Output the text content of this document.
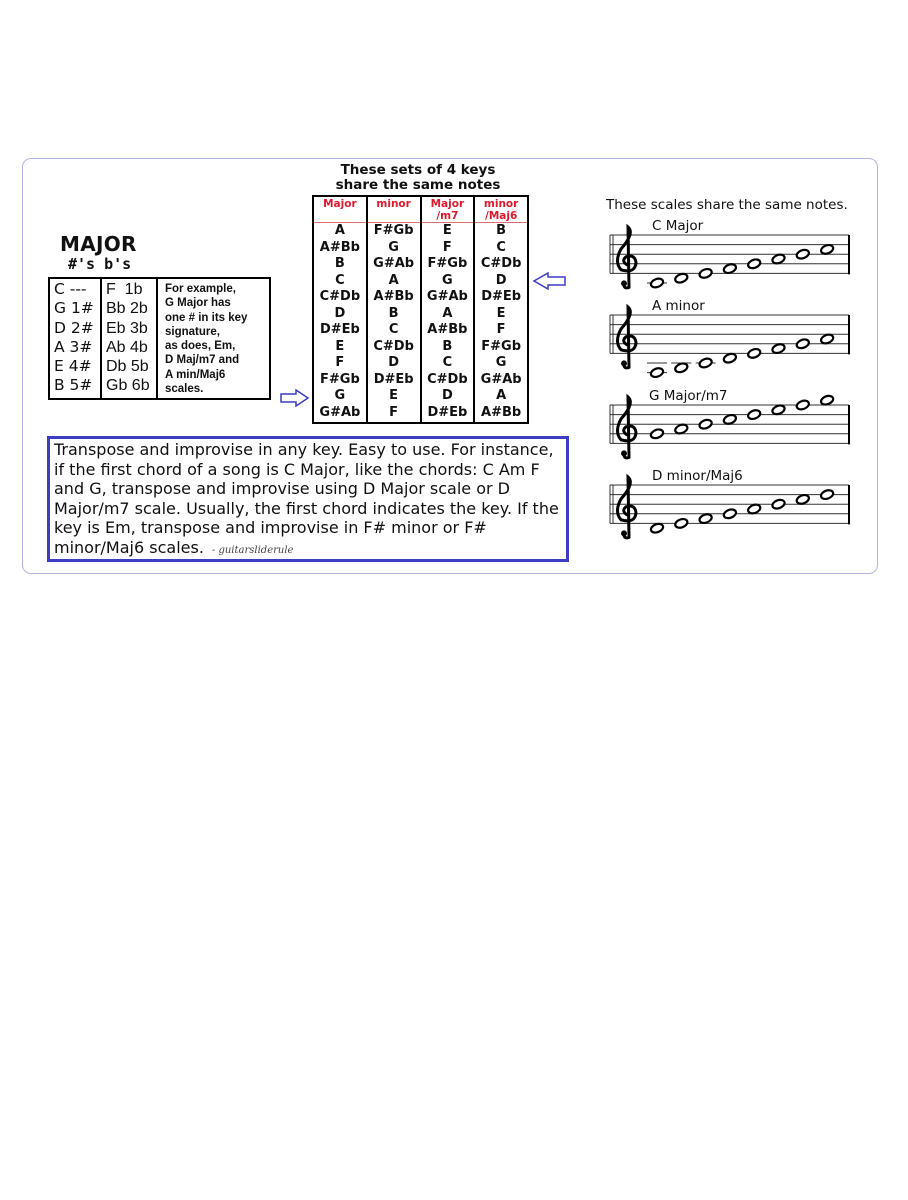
MAJOR
#'s b's
C ---
G 1#
D 2#
A 3#
E 4#
B 5#
F  1b
Bb 2b
Eb 3b
Ab 4b
Db 5b
Gb 6b
For example,
G Major has
one # in its key
signature,
as does, Em,
D Maj/m7 and
A min/Maj6
scales.
These sets of 4 keys
share the same notes
Major
A
A#Bb
B
C
C#Db
D
D#Eb
E
F
F#Gb
G
G#Ab
minor
F#Gb
G
G#Ab
A
A#Bb
B
C
C#Db
D
D#Eb
E
F
Major
/m7
E
F
F#Gb
G
G#Ab
A
A#Bb
B
C
C#Db
D
D#Eb
minor
/Maj6
B
C
C#Db
D
D#Eb
E
F
F#Gb
G
G#Ab
A
A#Bb
Transpose and improvise in any key. Easy to use. For instance, if the first chord of a song is C Major, like the chords: C Am F and G, transpose and improvise using D Major scale or D Major/m7 scale. Usually, the first chord indicates the key. If the key is Em, transpose and improvise in F# minor or F# minor/Maj6 scales. - guitarsliderule
These scales share the same notes.
C Major
A minor
G Major/m7
D minor/Maj6
